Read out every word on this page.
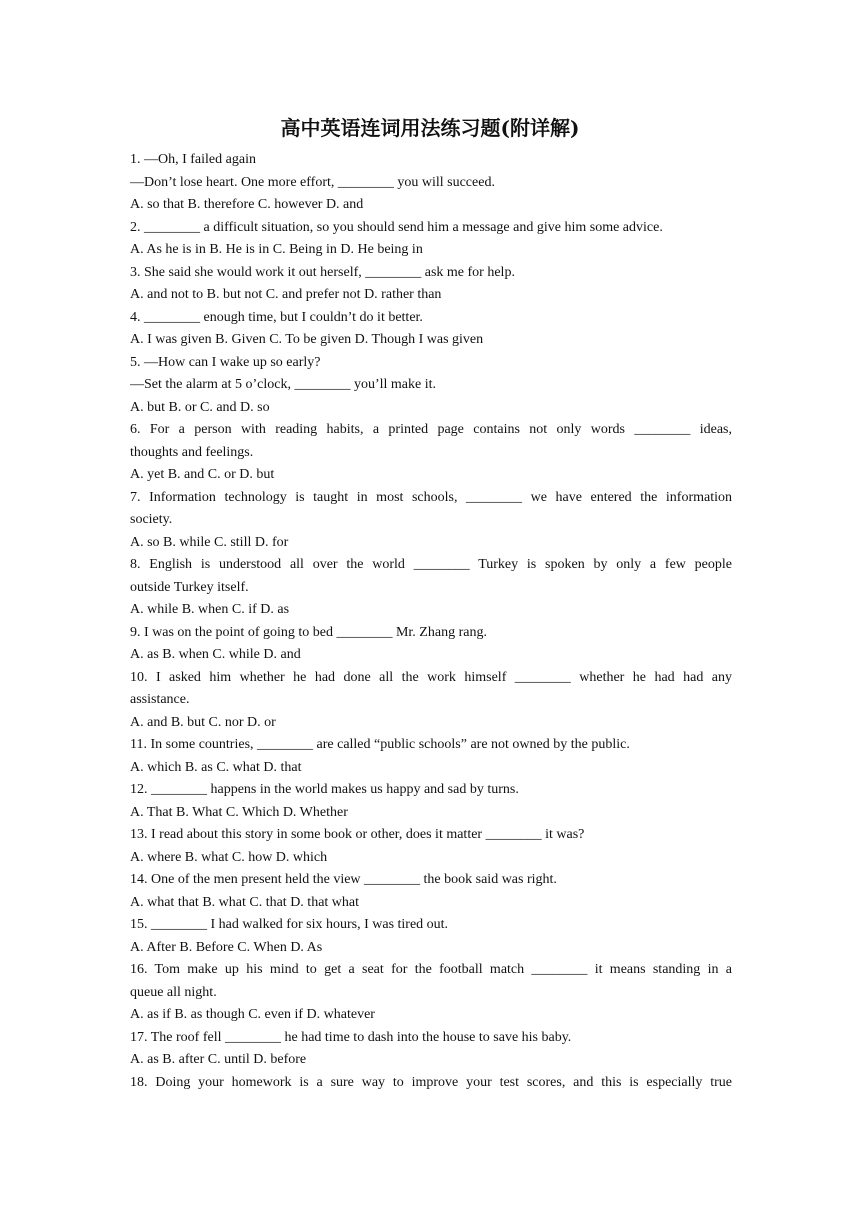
高中英语连词用法练习题(附详解)
1. —Oh, I failed again
—Don’t lose heart. One more effort, ________ you will succeed.
A. so that B. therefore C. however D. and
2. ________ a difficult situation, so you should send him a message and give him some advice.
A. As he is in B. He is in C. Being in D. He being in
3. She said she would work it out herself, ________ ask me for help.
A. and not to B. but not C. and prefer not D. rather than
4. ________ enough time, but I couldn’t do it better.
A. I was given B. Given C. To be given D. Though I was given
5. —How can I wake up so early?
—Set the alarm at 5 o’clock, ________ you’ll make it.
A. but B. or C. and D. so
6. For a person with reading habits, a printed page contains not only words ________ ideas,
thoughts and feelings.
A. yet B. and C. or D. but
7. Information technology is taught in most schools, ________ we have entered the information
society.
A. so B. while C. still D. for
8. English is understood all over the world ________ Turkey is spoken by only a few people
outside Turkey itself.
A. while B. when C. if D. as
9. I was on the point of going to bed ________ Mr. Zhang rang.
A. as B. when C. while D. and
10. I asked him whether he had done all the work himself ________ whether he had had any
assistance.
A. and B. but C. nor D. or
11. In some countries, ________ are called “public schools” are not owned by the public.
A. which B. as C. what D. that
12. ________ happens in the world makes us happy and sad by turns.
A. That B. What C. Which D. Whether
13. I read about this story in some book or other, does it matter ________ it was?
A. where B. what C. how D. which
14. One of the men present held the view ________ the book said was right.
A. what that B. what C. that D. that what
15. ________ I had walked for six hours, I was tired out.
A. After B. Before C. When D. As
16. Tom make up his mind to get a seat for the football match ________ it means standing in a
queue all night.
A. as if B. as though C. even if D. whatever
17. The roof fell ________ he had time to dash into the house to save his baby.
A. as B. after C. until D. before
18. Doing your homework is a sure way to improve your test scores, and this is especially true
